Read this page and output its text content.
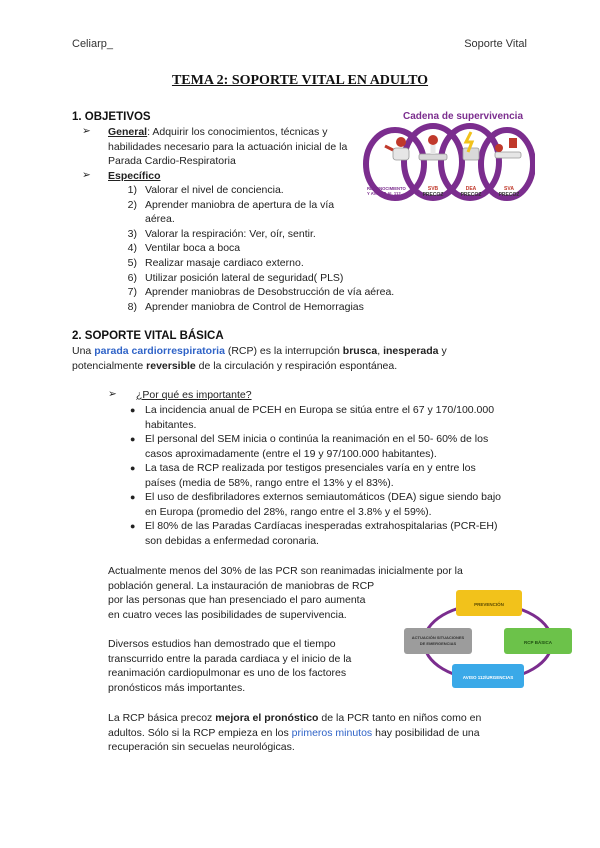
Celiarp_	Soporte Vital
TEMA 2: SOPORTE VITAL EN ADULTO
1. OBJETIVOS
➢ General: Adquirir los conocimientos, técnicas y
habilidades necesario para la actuación inicial de la
Parada Cardio-Respiratoria
➢ Específico
1) Valorar el nivel de conciencia.
2) Aprender maniobra de apertura de la vía
aérea.
3) Valorar la respiración: Ver, oír, sentir.
4) Ventilar boca a boca
5) Realizar masaje cardiaco externo.
6) Utilizar posición lateral de seguridad( PLS)
7) Aprender maniobras de Desobstrucción de vía aérea.
8) Aprender maniobra de Control de Hemorragias
Cadena de supervivencia
RECONOCIMIENTO
Y AVISAR AL 112
SVB
PRECOZ
DEA
PRECOZ
SVA
PRECOZ
2. SOPORTE VITAL BÁSICA
Una parada cardiorrespiratoria (RCP) es la interrupción brusca, inesperada y
potencialmente reversible de la circulación y respiración espontánea.
➢ ¿Por qué es importante?
● La incidencia anual de PCEH en Europa se sitúa entre el 67 y 170/100.000
habitantes.
● El personal del SEM inicia o continúa la reanimación en el 50- 60% de los
casos aproximadamente (entre el 19 y 97/100.000 habitantes).
● La tasa de RCP realizada por testigos presenciales varía en y entre los
países (media de 58%, rango entre el 13% y el 83%).
● El uso de desfibriladores externos semiautomáticos (DEA) sigue siendo bajo
en Europa (promedio del 28%, rango entre el 3.8% y el 59%).
● El 80% de las Paradas Cardíacas inesperadas extrahospitalarias (PCR-EH)
son debidas a enfermedad coronaria.
Actualmente menos del 30% de las PCR son reanimadas inicialmente por la
población general. La instauración de maniobras de RCP
por las personas que han presenciado el paro aumenta
en cuatro veces las posibilidades de supervivencia.
Diversos estudios han demostrado que el tiempo
transcurrido entre la parada cardiaca y el inicio de la
reanimación cardiopulmonar es uno de los factores
pronósticos más importantes.
PREVENCIÓN
RCP BÁSICA
AVISO 112/URGENCIAS
ACTUACIÓN SITUACIONES
DE EMERGENCIAS
La RCP básica precoz mejora el pronóstico de la PCR tanto en niños como en
adultos. Sólo si la RCP empieza en los primeros minutos hay posibilidad de una
recuperación sin secuelas neurológicas.
